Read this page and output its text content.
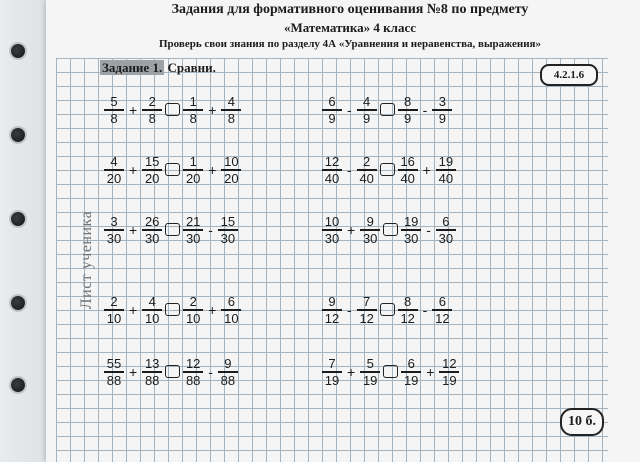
Задания для формативного оценивания №8 по предмету
«Математика» 4 класс
Проверь свои знания по разделу 4А «Уравнения и неравенства, выражения»
Задание 1. Сравни.	4.2.1.6
Лист ученика
10 б.
$\frac{5}{8} + \frac{2}{8} \frac{1}{8} + \frac{4}{8}$	$\frac{6}{9} - \frac{4}{9} \frac{8}{9} - \frac{3}{9}$
$\frac{4}{20} + \frac{15}{20} \frac{1}{20} + \frac{10}{20}$	$\frac{12}{40} - \frac{2}{40} \frac{16}{40} + \frac{19}{40}$
$\frac{3}{30} + \frac{26}{30} \frac{21}{30} - \frac{15}{30}$	$\frac{10}{30} + \frac{9}{30} \frac{19}{30} - \frac{6}{30}$
$\frac{2}{10} + \frac{4}{10} \frac{2}{10} + \frac{6}{10}$	$\frac{9}{12} - \frac{7}{12} \frac{8}{12} - \frac{6}{12}$
$\frac{55}{88} + \frac{13}{88} \frac{12}{88} - \frac{9}{88}$	$\frac{7}{19} + \frac{5}{19} \frac{6}{19} + \frac{12}{19}$
